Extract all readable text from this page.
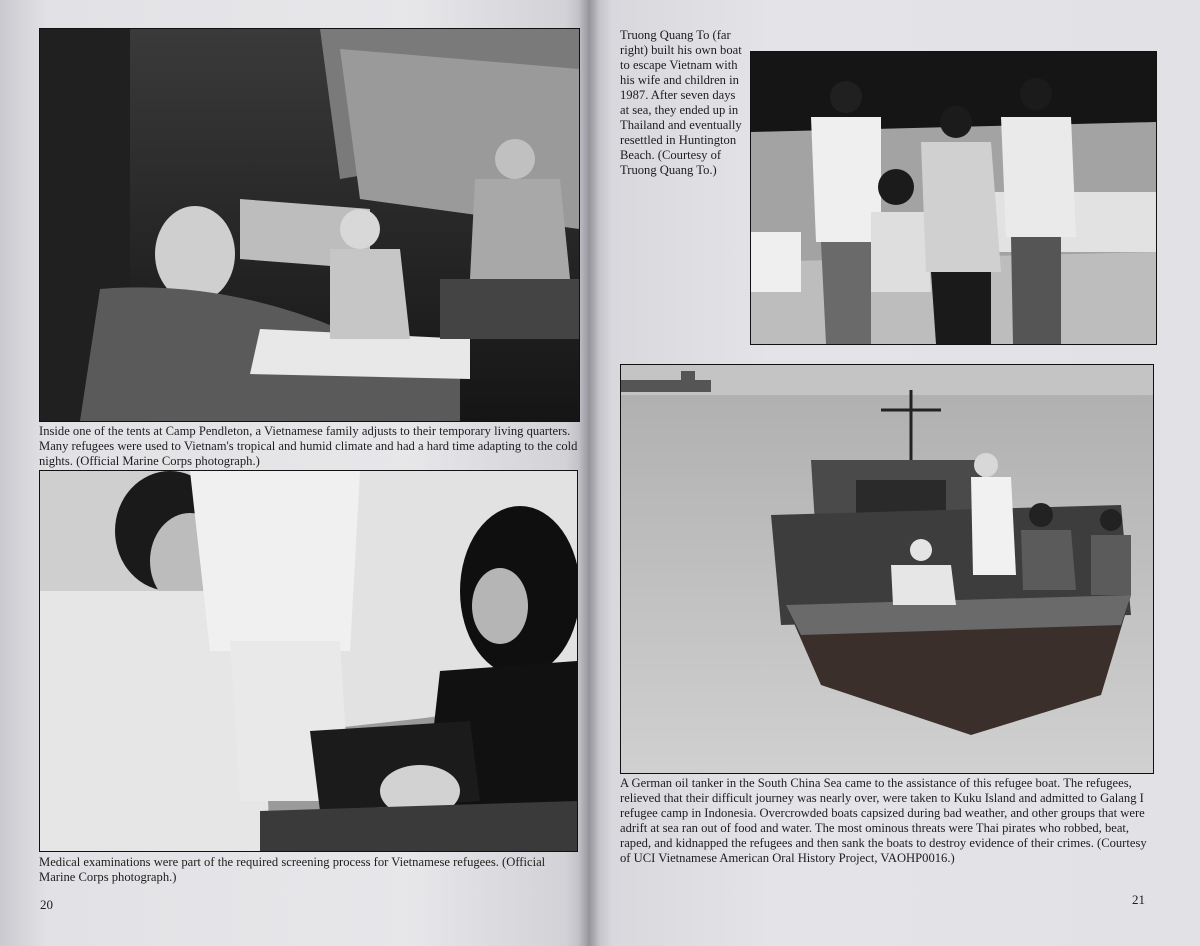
Inside one of the tents at Camp Pendleton, a Vietnamese family adjusts to their temporary living quarters. Many refugees were used to Vietnam's tropical and humid climate and had a hard time adapting to the cold nights. (Official Marine Corps photograph.)

Medical examinations were part of the required screening process for Vietnamese refugees. (Official Marine Corps photograph.)

20

Truong Quang To (far right) built his own boat to escape Vietnam with his wife and children in 1987. After seven days at sea, they ended up in Thailand and eventually resettled in Huntington Beach. (Courtesy of Truong Quang To.)

A German oil tanker in the South China Sea came to the assistance of this refugee boat. The refugees, relieved that their difficult journey was nearly over, were taken to Kuku Island and admitted to Galang I refugee camp in Indonesia. Overcrowded boats capsized during bad weather, and other groups that were adrift at sea ran out of food and water. The most ominous threats were Thai pirates who robbed, beat, raped, and kidnapped the refugees and then sank the boats to destroy evidence of their crimes. (Courtesy of UCI Vietnamese American Oral History Project, VAOHP0016.)

21
